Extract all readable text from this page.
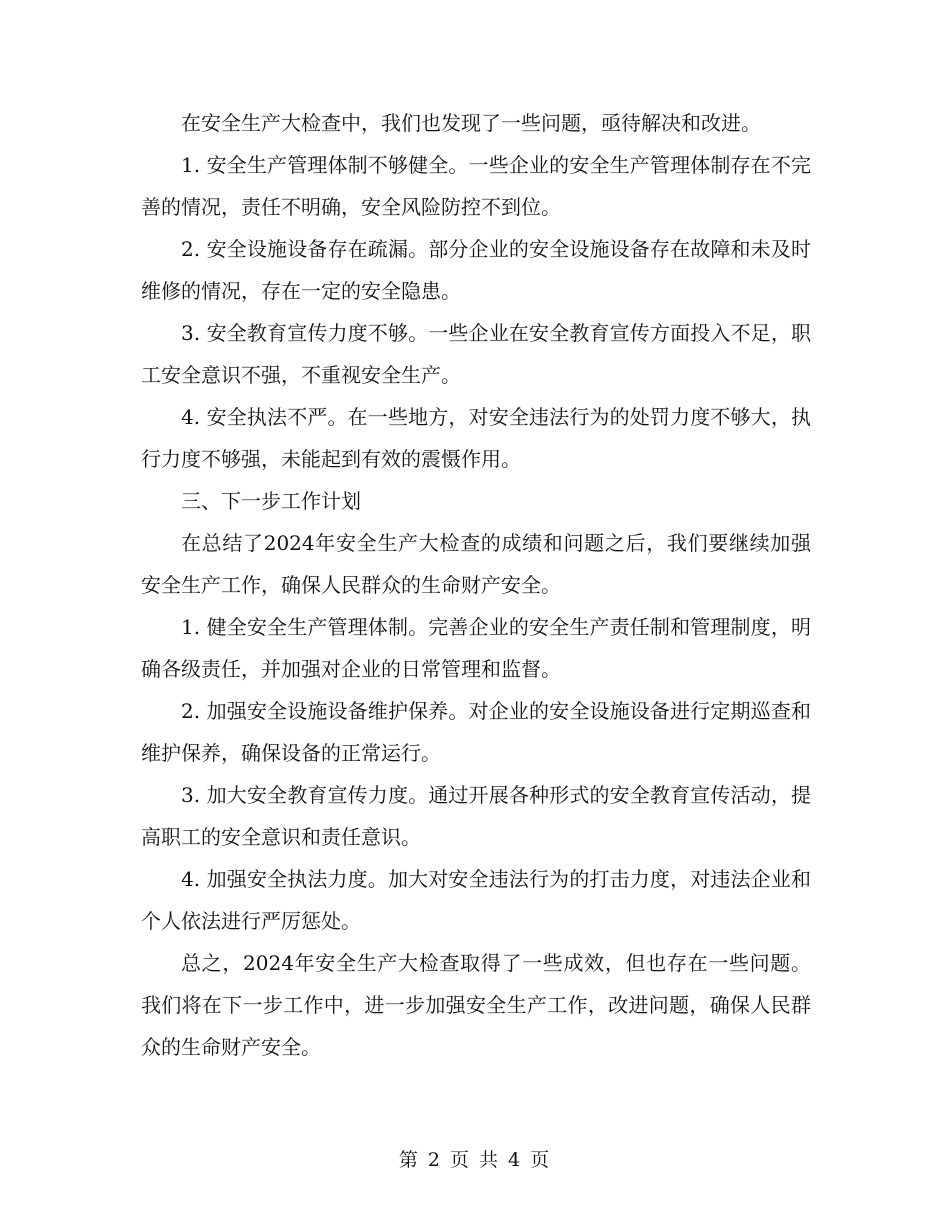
在安全生产大检查中，我们也发现了一些问题，亟待解决和改进。

1. 安全生产管理体制不够健全。一些企业的安全生产管理体制存在不完善的情况，责任不明确，安全风险防控不到位。

2. 安全设施设备存在疏漏。部分企业的安全设施设备存在故障和未及时维修的情况，存在一定的安全隐患。

3. 安全教育宣传力度不够。一些企业在安全教育宣传方面投入不足，职工安全意识不强，不重视安全生产。

4. 安全执法不严。在一些地方，对安全违法行为的处罚力度不够大，执行力度不够强，未能起到有效的震慑作用。

三、下一步工作计划

在总结了2024年安全生产大检查的成绩和问题之后，我们要继续加强安全生产工作，确保人民群众的生命财产安全。

1. 健全安全生产管理体制。完善企业的安全生产责任制和管理制度，明确各级责任，并加强对企业的日常管理和监督。

2. 加强安全设施设备维护保养。对企业的安全设施设备进行定期巡查和维护保养，确保设备的正常运行。

3. 加大安全教育宣传力度。通过开展各种形式的安全教育宣传活动，提高职工的安全意识和责任意识。

4. 加强安全执法力度。加大对安全违法行为的打击力度，对违法企业和个人依法进行严厉惩处。

总之，2024年安全生产大检查取得了一些成效，但也存在一些问题。我们将在下一步工作中，进一步加强安全生产工作，改进问题，确保人民群众的生命财产安全。

第 2 页 共 4 页
